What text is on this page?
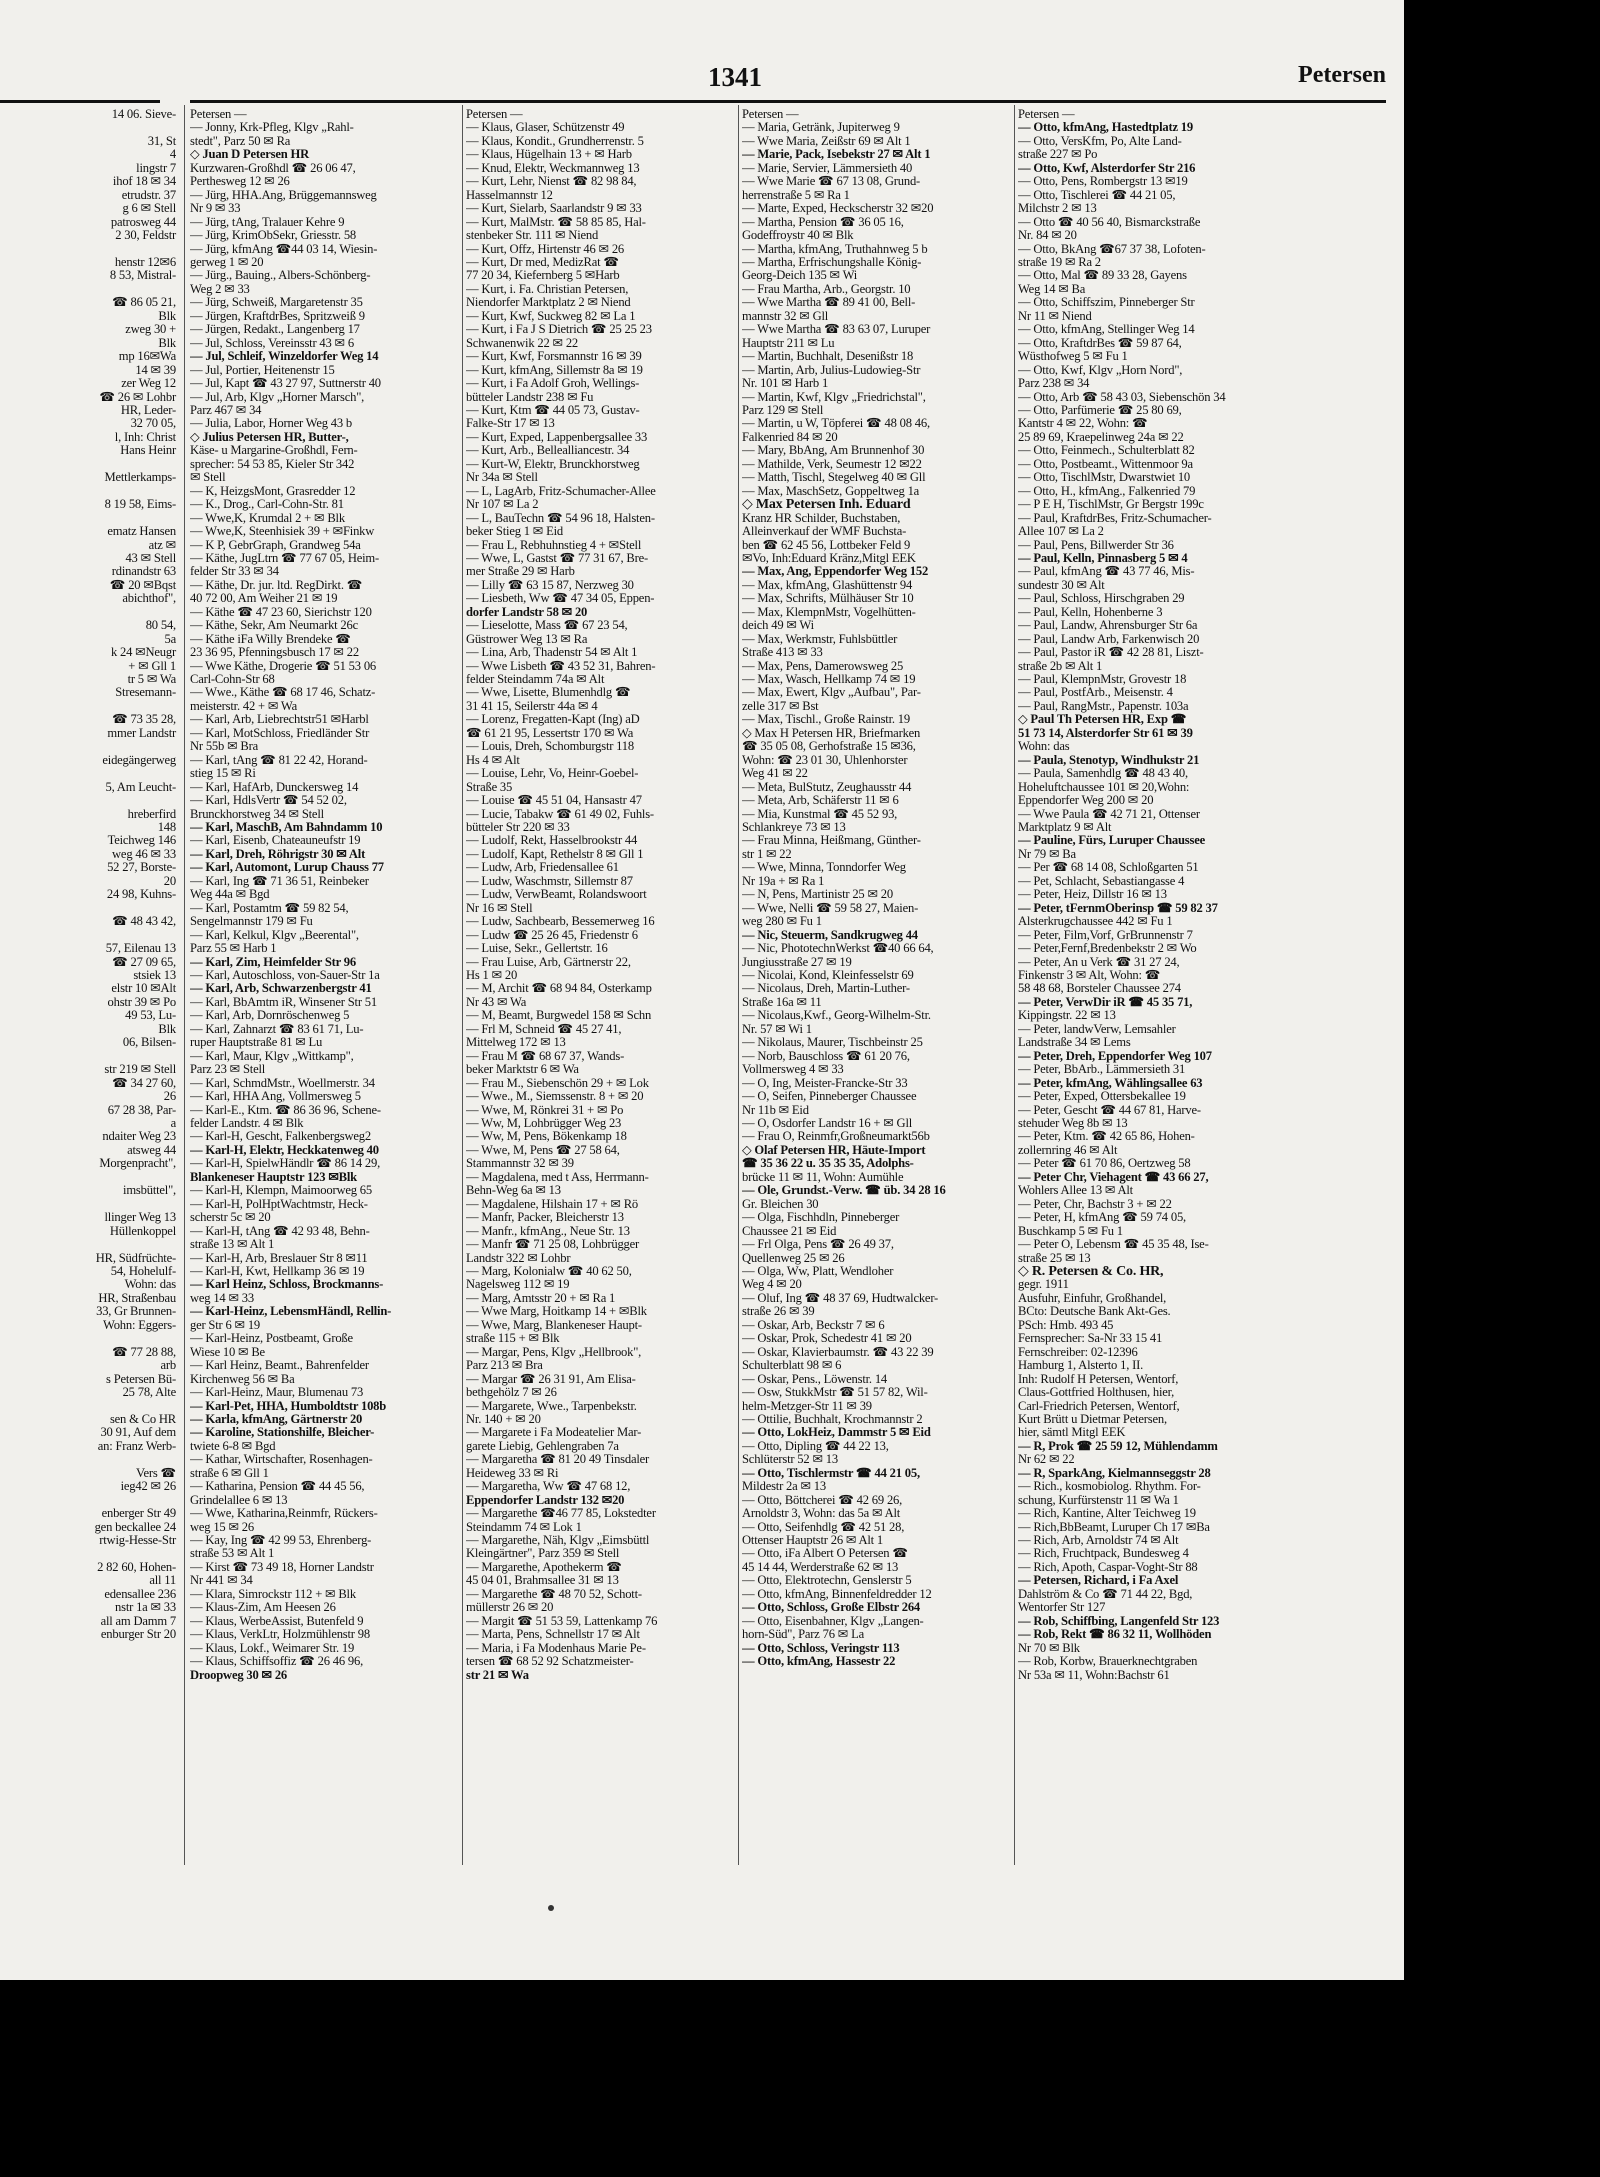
1341	Petersen
14 06. Sieve-

31, St
4
lingstr 7
ihof 18 ✉ 34
etrudstr. 37
g 6 ✉ Stell
patrosweg 44
2 30, Feldstr

henstr 12✉6
8 53, Mistral-

☎ 86 05 21,
Blk
zweg 30 +
Blk
mp 16✉Wa
14 ✉ 39
zer Weg 12
☎ 26 ✉ Lohbr
HR, Leder-
32 70 05,
l, Inh: Christ
Hans Heinr

Mettlerkamps-

8 19 58, Eims-

ematz Hansen
atz ✉
43 ✉ Stell
rdinandstr 63
☎ 20 ✉Bqst
abichthof",

80 54,
5a
k 24 ✉Neugr
+ ✉ Gll 1
tr 5 ✉ Wa
Stresemann-

☎ 73 35 28,
mmer Landstr

eidegängerweg

5, Am Leucht-

hreberfird
148
Teichweg 146
weg 46 ✉ 33
52 27, Borste-
20
24 98, Kuhns-

☎ 48 43 42,

57, Eilenau 13
☎ 27 09 65,
stsiek 13
elstr 10 ✉Alt
ohstr 39 ✉ Po
49 53, Lu-
Blk
06, Bilsen-

str 219 ✉ Stell
☎ 34 27 60,
26
67 28 38, Par-
a
ndaiter Weg 23
atsweg 44
Morgenpracht",

imsbüttel",

llinger Weg 13
Hüllenkoppel

HR, Südfrüchte-
54, Hohelulf-
Wohn: das
HR, Straßenbau
33, Gr Brunnen-
Wohn: Eggers-

☎ 77 28 88,
arb
s Petersen Bü-
25 78, Alte

sen & Co HR
30 91, Auf dem
an: Franz Werb-

Vers ☎
ieg42 ✉ 26

enberger Str 49
gen beckallee 24
rtwig-Hesse-Str

2 82 60, Hohen-
all 11
edensallee 236
nstr 1a ✉ 33
all am Damm 7
enburger Str 20
Petersen —
— Jonny, Krk-Pfleg, Klgv „Rahl-
stedt", Parz 50 ✉ Ra
◇ Juan D Petersen HR
Kurzwaren-Großhdl ☎ 26 06 47,
Perthesweg 12 ✉ 26
— Jürg, HHA.Ang, Brüggemannsweg
Nr 9 ✉ 33
— Jürg, tAng, Tralauer Kehre 9
— Jürg, KrimObSekr, Griesstr. 58
— Jürg, kfmAng ☎44 03 14, Wiesin-
gerweg 1 ✉ 20
— Jürg., Bauing., Albers-Schönberg-
Weg 2 ✉ 33
— Jürg, Schweiß, Margaretenstr 35
— Jürgen, KraftdrBes, Spritzweiß 9
— Jürgen, Redakt., Langenberg 17
— Jul, Schloss, Vereinsstr 43 ✉ 6
— Jul, Schleif, Winzeldorfer Weg 14
— Jul, Portier, Heitenenstr 15
— Jul, Kapt ☎ 43 27 97, Suttnerstr 40
— Jul, Arb, Klgv „Horner Marsch",
Parz 467 ✉ 34
— Julia, Labor, Horner Weg 43 b
◇ Julius Petersen HR, Butter-,
Käse- u Margarine-Großhdl, Fern-
sprecher: 54 53 85, Kieler Str 342
✉ Stell
— K, HeizgsMont, Grasredder 12
— K., Drog., Carl-Cohn-Str. 81
— Wwe,K, Krumdal 2 + ✉ Blk
— Wwe,K, Steenhisiek 39 + ✉Finkw
— K P, GebrGraph, Grandweg 54a
— Käthe, JugLtrn ☎ 77 67 05, Heim-
felder Str 33 ✉ 34
— Käthe, Dr. jur. ltd. RegDirkt. ☎
40 72 00, Am Weiher 21 ✉ 19
— Käthe ☎ 47 23 60, Sierichstr 120
— Käthe, Sekr, Am Neumarkt 26c
— Käthe iFa Willy Brendeke ☎
23 36 95, Pfenningsbusch 17 ✉ 22
— Wwe Käthe, Drogerie ☎ 51 53 06
Carl-Cohn-Str 68
— Wwe., Käthe ☎ 68 17 46, Schatz-
meisterstr. 42 + ✉ Wa
— Karl, Arb, Liebrechtstr51 ✉Harbl
— Karl, MotSchloss, Friedländer Str
Nr 55b ✉ Bra
— Karl, tAng ☎ 81 22 42, Horand-
stieg 15 ✉ Ri
— Karl, HafArb, Dunckersweg 14
— Karl, HdlsVertr ☎ 54 52 02,
Brunckhorstweg 34 ✉ Stell
— Karl, MaschB, Am Bahndamm 10
— Karl, Eisenb, Chateauneufstr 19
— Karl, Dreh, Röhrigstr 30 ✉ Alt
— Karl, Automont, Lurup Chauss 77
— Karl, Ing ☎ 71 36 51, Reinbeker
Weg 44a ✉ Bgd
— Karl, Postamtm ☎ 59 82 54,
Sengelmannstr 179 ✉ Fu
— Karl, Kelkul, Klgv „Beerental",
Parz 55 ✉ Harb 1
— Karl, Zim, Heimfelder Str 96
— Karl, Autoschloss, von-Sauer-Str 1a
— Karl, Arb, Schwarzenbergstr 41
— Karl, BbAmtm iR, Winsener Str 51
— Karl, Arb, Dornröschenweg 5
— Karl, Zahnarzt ☎ 83 61 71, Lu-
ruper Hauptstraße 81 ✉ Lu
— Karl, Maur, Klgv „Wittkamp",
Parz 23 ✉ Stell
— Karl, SchmdMstr., Woellmerstr. 34
— Karl, HHA Ang, Vollmersweg 5
— Karl-E., Ktm. ☎ 86 36 96, Schene-
felder Landstr. 4 ✉ Blk
— Karl-H, Gescht, Falkenbergsweg2
— Karl-H, Elektr, Heckkatenweg 40
— Karl-H, SpielwHändlr ☎ 86 14 29,
Blankeneser Hauptstr 123 ✉Blk
— Karl-H, Klempn, Maimoorweg 65
— Karl-H, PolHptWachtmstr, Heck-
scherstr 5c ✉ 20
— Karl-H, tAng ☎ 42 93 48, Behn-
straße 13 ✉ Alt 1
— Karl-H, Arb, Breslauer Str 8 ✉11
— Karl-H, Kwt, Hellkamp 36 ✉ 19
— Karl Heinz, Schloss, Brockmanns-
weg 14 ✉ 33
— Karl-Heinz, LebensmHändl, Rellin-
ger Str 6 ✉ 19
— Karl-Heinz, Postbeamt, Große
Wiese 10 ✉ Be
— Karl Heinz, Beamt., Bahrenfelder
Kirchenweg 56 ✉ Ba
— Karl-Heinz, Maur, Blumenau 73
— Karl-Pet, HHA, Humboldtstr 108b
— Karla, kfmAng, Gärtnerstr 20
— Karoline, Stationshilfe, Bleicher-
twiete 6-8 ✉ Bgd
— Kathar, Wirtschafter, Rosenhagen-
straße 6 ✉ Gll 1
— Katharina, Pension ☎ 44 45 56,
Grindelallee 6 ✉ 13
— Wwe, Katharina,Reinmfr, Rückers-
weg 15 ✉ 26
— Kay, Ing ☎ 42 99 53, Ehrenberg-
straße 53 ✉ Alt 1
— Kirst ☎ 73 49 18, Horner Landstr
Nr 441 ✉ 34
— Klara, Simrockstr 112 + ✉ Blk
— Klaus-Zim, Am Heesen 26
— Klaus, WerbeAssist, Butenfeld 9
— Klaus, VerkLtr, Holzmühlenstr 98
— Klaus, Lokf., Weimarer Str. 19
— Klaus, Schiffsoffiz ☎ 26 46 96,
Droopweg 30 ✉ 26
Petersen —
— Klaus, Glaser, Schützenstr 49
— Klaus, Kondit., Grundherrenstr. 5
— Klaus, Hügelhain 13 + ✉ Harb
— Knud, Elektr, Weckmannweg 13
— Kurt, Lehr, Nienst ☎ 82 98 84,
Hasselmannstr 12
— Kurt, Sielarb, Saarlandstr 9 ✉ 33
— Kurt, MalMstr. ☎ 58 85 85, Hal-
stenbeker Str. 111 ✉ Niend
— Kurt, Offz, Hirtenstr 46 ✉ 26
— Kurt, Dr med, MedizRat ☎
77 20 34, Kiefernberg 5 ✉Harb
— Kurt, i. Fa. Christian Petersen,
Niendorfer Marktplatz 2 ✉ Niend
— Kurt, Kwf, Suckweg 82 ✉ La 1
— Kurt, i Fa J S Dietrich ☎ 25 25 23
Schwanenwik 22 ✉ 22
— Kurt, Kwf, Forsmannstr 16 ✉ 39
— Kurt, kfmAng, Sillemstr 8a ✉ 19
— Kurt, i Fa Adolf Groh, Wellings-
bütteler Landstr 238 ✉ Fu
— Kurt, Ktm ☎ 44 05 73, Gustav-
Falke-Str 17 ✉ 13
— Kurt, Exped, Lappenbergsallee 33
— Kurt, Arb., Bellealliancestr. 34
— Kurt-W, Elektr, Brunckhorstweg
Nr 34a ✉ Stell
— L, LagArb, Fritz-Schumacher-Allee
Nr 107 ✉ La 2
— L, BauTechn ☎ 54 96 18, Halsten-
beker Stieg 1 ✉ Eid
— Frau L, Rebhuhnstieg 4 + ✉Stell
— Wwe, L, Gastst ☎ 77 31 67, Bre-
mer Straße 29 ✉ Harb
— Lilly ☎ 63 15 87, Nerzweg 30
— Liesbeth, Ww ☎ 47 34 05, Eppen-
dorfer Landstr 58 ✉ 20
— Lieselotte, Mass ☎ 67 23 54,
Güstrower Weg 13 ✉ Ra
— Lina, Arb, Thadenstr 54 ✉ Alt 1
— Wwe Lisbeth ☎ 43 52 31, Bahren-
felder Steindamm 74a ✉ Alt
— Wwe, Lisette, Blumenhdlg ☎
31 41 15, Seilerstr 44a ✉ 4
— Lorenz, Fregatten-Kapt (Ing) aD
☎ 61 21 95, Lessertstr 170 ✉ Wa
— Louis, Dreh, Schomburgstr 118
Hs 4 ✉ Alt
— Louise, Lehr, Vo, Heinr-Goebel-
Straße 35
— Louise ☎ 45 51 04, Hansastr 47
— Lucie, Tabakw ☎ 61 49 02, Fuhls-
bütteler Str 220 ✉ 33
— Ludolf, Rekt, Hasselbrookstr 44
— Ludolf, Kapt, Rethelstr 8 ✉ Gll 1
— Ludw, Arb, Friedensallee 61
— Ludw, Waschmstr, Sillemstr 87
— Ludw, VerwBeamt, Rolandswoort
Nr 16 ✉ Stell
— Ludw, Sachbearb, Bessemerweg 16
— Ludw ☎ 25 26 45, Friedenstr 6
— Luise, Sekr., Gellertstr. 16
— Frau Luise, Arb, Gärtnerstr 22,
Hs 1 ✉ 20
— M, Archit ☎ 68 94 84, Osterkamp
Nr 43 ✉ Wa
— M, Beamt, Burgwedel 158 ✉ Schn
— Frl M, Schneid ☎ 45 27 41,
Mittelweg 172 ✉ 13
— Frau M ☎ 68 67 37, Wands-
beker Marktstr 6 ✉ Wa
— Frau M., Siebenschön 29 + ✉ Lok
— Wwe., M., Siemssenstr. 8 + ✉ 20
— Wwe, M, Rönkrei 31 + ✉ Po
— Ww, M, Lohbrügger Weg 23
— Ww, M, Pens, Bökenkamp 18
— Wwe, M, Pens ☎ 27 58 64,
Stammannstr 32 ✉ 39
— Magdalena, med t Ass, Herrmann-
Behn-Weg 6a ✉ 13
— Magdalene, Hilshain 17 + ✉ Rö
— Manfr, Packer, Bleicherstr 13
— Manfr., kfmAng., Neue Str. 13
— Manfr ☎ 71 25 08, Lohbrügger
Landstr 322 ✉ Lohbr
— Marg, Kolonialw ☎ 40 62 50,
Nagelsweg 112 ✉ 19
— Marg, Amtsstr 20 + ✉ Ra 1
— Wwe Marg, Hoitkamp 14 + ✉Blk
— Wwe, Marg, Blankeneser Haupt-
straße 115 + ✉ Blk
— Margar, Pens, Klgv „Hellbrook",
Parz 213 ✉ Bra
— Margar ☎ 26 31 91, Am Elisa-
bethgehölz 7 ✉ 26
— Margarete, Wwe., Tarpenbekstr.
Nr. 140 + ✉ 20
— Margarete i Fa Modeatelier Mar-
garete Liebig, Gehlengraben 7a
— Margaretha ☎ 81 20 49 Tinsdaler
Heideweg 33 ✉ Ri
— Margaretha, Ww ☎ 47 68 12,
Eppendorfer Landstr 132 ✉20
— Margarethe ☎46 77 85, Lokstedter
Steindamm 74 ✉ Lok 1
— Margarethe, Näh, Klgv „Eimsbüttl
Kleingärtner", Parz 359 ✉ Stell
— Margarethe, Apothekerm ☎
45 04 01, Brahmsallee 31 ✉ 13
— Margarethe ☎ 48 70 52, Schott-
müllerstr 26 ✉ 20
— Margit ☎ 51 53 59, Lattenkamp 76
— Marta, Pens, Schnellstr 17 ✉ Alt
— Maria, i Fa Modenhaus Marie Pe-
tersen ☎ 68 52 92 Schatzmeister-
str 21 ✉ Wa
Petersen —
— Maria, Getränk, Jupiterweg 9
— Wwe Maria, Zeißstr 69 ✉ Alt 1
— Marie, Pack, Isebekstr 27 ✉ Alt 1
— Marie, Servier, Lämmersieth 40
— Wwe Marie ☎ 67 13 08, Grund-
herrenstraße 5 ✉ Ra 1
— Marte, Exped, Heckscherstr 32 ✉20
— Martha, Pension ☎ 36 05 16,
Godeffroystr 40 ✉ Blk
— Martha, kfmAng, Truthahnweg 5 b
— Martha, Erfrischungshalle König-
Georg-Deich 135 ✉ Wi
— Frau Martha, Arb., Georgstr. 10
— Wwe Martha ☎ 89 41 00, Bell-
mannstr 32 ✉ Gll
— Wwe Martha ☎ 83 63 07, Luruper
Hauptstr 211 ✉ Lu
— Martin, Buchhalt, Desenißstr 18
— Martin, Arb, Julius-Ludowieg-Str
Nr. 101 ✉ Harb 1
— Martin, Kwf, Klgv „Friedrichstal",
Parz 129 ✉ Stell
— Martin, u W, Töpferei ☎ 48 08 46,
Falkenried 84 ✉ 20
— Mary, BbAng, Am Brunnenhof 30
— Mathilde, Verk, Seumestr 12 ✉22
— Matth, Tischl, Stegelweg 40 ✉ Gll
— Max, MaschSetz, Goppeltweg 1a
◇ Max Petersen Inh. Eduard
Kranz HR Schilder, Buchstaben,
Alleinverkauf der WMF Buchsta-
ben ☎ 62 45 56, Lottbeker Feld 9
✉Vo, Inh:Eduard Kränz,Mitgl EEK
— Max, Ang, Eppendorfer Weg 152
— Max, kfmAng, Glashüttenstr 94
— Max, Schrifts, Mülhäuser Str 10
— Max, KlempnMstr, Vogelhütten-
deich 49 ✉ Wi
— Max, Werkmstr, Fuhlsbüttler
Straße 413 ✉ 33
— Max, Pens, Damerowsweg 25
— Max, Wasch, Hellkamp 74 ✉ 19
— Max, Ewert, Klgv „Aufbau", Par-
zelle 317 ✉ Bst
— Max, Tischl., Große Rainstr. 19
◇ Max H Petersen HR, Briefmarken
☎ 35 05 08, Gerhofstraße 15 ✉36,
Wohn: ☎ 23 01 30, Uhlenhorster
Weg 41 ✉ 22
— Meta, BulStutz, Zeughausstr 44
— Meta, Arb, Schäferstr 11 ✉ 6
— Mia, Kunstmal ☎ 45 52 93,
Schlankreye 73 ✉ 13
— Frau Minna, Heißmang, Günther-
str 1 ✉ 22
— Wwe, Minna, Tonndorfer Weg
Nr 19a + ✉ Ra 1
— N, Pens, Martinistr 25 ✉ 20
— Wwe, Nelli ☎ 59 58 27, Maien-
weg 280 ✉ Fu 1
— Nic, Steuerm, Sandkrugweg 44
— Nic, PhototechnWerkst ☎40 66 64,
Jungiusstraße 27 ✉ 19
— Nicolai, Kond, Kleinfesselstr 69
— Nicolaus, Dreh, Martin-Luther-
Straße 16a ✉ 11
— Nicolaus,Kwf., Georg-Wilhelm-Str.
Nr. 57 ✉ Wi 1
— Nikolaus, Maurer, Tischbeinstr 25
— Norb, Bauschloss ☎ 61 20 76,
Vollmersweg 4 ✉ 33
— O, Ing, Meister-Francke-Str 33
— O, Seifen, Pinneberger Chaussee
Nr 11b ✉ Eid
— O, Osdorfer Landstr 16 + ✉ Gll
— Frau O, Reinmfr,Großneumarkt56b
◇ Olaf Petersen HR, Häute-Import
☎ 35 36 22 u. 35 35 35, Adolphs-
brücke 11 ✉ 11, Wohn: Aumühle
— Ole, Grundst.-Verw. ☎ üb. 34 28 16
Gr. Bleichen 30
— Olga, Fischhdln, Pinneberger
Chaussee 21 ✉ Eid
— Frl Olga, Pens ☎ 26 49 37,
Quellenweg 25 ✉ 26
— Olga, Ww, Platt, Wendloher
Weg 4 ✉ 20
— Oluf, Ing ☎ 48 37 69, Hudtwalcker-
straße 26 ✉ 39
— Oskar, Arb, Beckstr 7 ✉ 6
— Oskar, Prok, Schedestr 41 ✉ 20
— Oskar, Klavierbaumstr. ☎ 43 22 39
Schulterblatt 98 ✉ 6
— Oskar, Pens., Löwenstr. 14
— Osw, StukkMstr ☎ 51 57 82, Wil-
helm-Metzger-Str 11 ✉ 39
— Ottilie, Buchhalt, Krochmannstr 2
— Otto, LokHeiz, Dammstr 5 ✉ Eid
— Otto, Dipling ☎ 44 22 13,
Schlüterstr 52 ✉ 13
— Otto, Tischlermstr ☎ 44 21 05,
Mildestr 2a ✉ 13
— Otto, Böttcherei ☎ 42 69 26,
Arnoldstr 3, Wohn: das 5a ✉ Alt
— Otto, Seifenhdlg ☎ 42 51 28,
Ottenser Hauptstr 26 ✉ Alt 1
— Otto, iFa Albert O Petersen ☎
45 14 44, Werderstraße 62 ✉ 13
— Otto, Elektrotechn, Genslerstr 5
— Otto, kfmAng, Binnenfeldredder 12
— Otto, Schloss, Große Elbstr 264
— Otto, Eisenbahner, Klgv „Langen-
horn-Süd", Parz 76 ✉ La
— Otto, Schloss, Veringstr 113
— Otto, kfmAng, Hassestr 22
Petersen —
— Otto, kfmAng, Hastedtplatz 19
— Otto, VersKfm, Po, Alte Land-
straße 227 ✉ Po
— Otto, Kwf, Alsterdorfer Str 216
— Otto, Pens, Rombergstr 13 ✉19
— Otto, Tischlerei ☎ 44 21 05,
Milchstr 2 ✉ 13
— Otto ☎ 40 56 40, Bismarckstraße
Nr. 84 ✉ 20
— Otto, BkAng ☎67 37 38, Lofoten-
straße 19 ✉ Ra 2
— Otto, Mal ☎ 89 33 28, Gayens
Weg 14 ✉ Ba
— Otto, Schiffszim, Pinneberger Str
Nr 11 ✉ Niend
— Otto, kfmAng, Stellinger Weg 14
— Otto, KraftdrBes ☎ 59 87 64,
Wüsthofweg 5 ✉ Fu 1
— Otto, Kwf, Klgv „Horn Nord",
Parz 238 ✉ 34
— Otto, Arb ☎ 58 43 03, Siebenschön 34
— Otto, Parfümerie ☎ 25 80 69,
Kantstr 4 ✉ 22, Wohn: ☎
25 89 69, Kraepelinweg 24a ✉ 22
— Otto, Feinmech., Schulterblatt 82
— Otto, Postbeamt., Wittenmoor 9a
— Otto, TischlMstr, Dwarstwiet 10
— Otto, H., kfmAng., Falkenried 79
— P E H, TischlMstr, Gr Bergstr 199c
— Paul, KraftdrBes, Fritz-Schumacher-
Allee 107 ✉ La 2
— Paul, Pens, Billwerder Str 36
— Paul, Kelln, Pinnasberg 5 ✉ 4
— Paul, kfmAng ☎ 43 77 46, Mis-
sundestr 30 ✉ Alt
— Paul, Schloss, Hirschgraben 29
— Paul, Kelln, Hohenberne 3
— Paul, Landw, Ahrensburger Str 6a
— Paul, Landw Arb, Farkenwisch 20
— Paul, Pastor iR ☎ 42 28 81, Liszt-
straße 2b ✉ Alt 1
— Paul, KlempnMstr, Grovestr 18
— Paul, PostfArb., Meisenstr. 4
— Paul, RangMstr., Papenstr. 103a
◇ Paul Th Petersen HR, Exp ☎
51 73 14, Alsterdorfer Str 61 ✉ 39
Wohn: das
— Paula, Stenotyp, Windhukstr 21
— Paula, Samenhdlg ☎ 48 43 40,
Hoheluftchaussee 101 ✉ 20,Wohn:
Eppendorfer Weg 200 ✉ 20
— Wwe Paula ☎ 42 71 21, Ottenser
Marktplatz 9 ✉ Alt
— Pauline, Fürs, Luruper Chaussee
Nr 79 ✉ Ba
— Per ☎ 68 14 08, Schloßgarten 51
— Pet, Schlacht, Sebastiangasse 4
— Peter, Heiz, Dillstr 16 ✉ 13
— Peter, tFernmOberinsp ☎ 59 82 37
Alsterkrugchaussee 442 ✉ Fu 1
— Peter, Film,Vorf, GrBrunnenstr 7
— Peter,Fernf,Bredenbekstr 2 ✉ Wo
— Peter, An u Verk ☎ 31 27 24,
Finkenstr 3 ✉ Alt, Wohn: ☎
58 48 68, Borsteler Chaussee 274
— Peter, VerwDir iR ☎ 45 35 71,
Kippingstr. 22 ✉ 13
— Peter, landwVerw, Lemsahler
Landstraße 34 ✉ Lems
— Peter, Dreh, Eppendorfer Weg 107
— Peter, BbArb., Lämmersieth 31
— Peter, kfmAng, Wählingsallee 63
— Peter, Exped, Ottersbekallee 19
— Peter, Gescht ☎ 44 67 81, Harve-
stehuder Weg 8b ✉ 13
— Peter, Ktm. ☎ 42 65 86, Hohen-
zollernring 46 ✉ Alt
— Peter ☎ 61 70 86, Oertzweg 58
— Peter Chr, Viehagent ☎ 43 66 27,
Wohlers Allee 13 ✉ Alt
— Peter, Chr, Bachstr 3 + ✉ 22
— Peter, H, kfmAng ☎ 59 74 05,
Buschkamp 5 ✉ Fu 1
— Peter O, Lebensm ☎ 45 35 48, Ise-
straße 25 ✉ 13
◇ R. Petersen & Co. HR,
gegr. 1911
Ausfuhr, Einfuhr, Großhandel,
BCto: Deutsche Bank Akt-Ges.
PSch: Hmb. 493 45
Fernsprecher: Sa-Nr 33 15 41
Fernschreiber: 02-12396
Hamburg 1, Alsterto 1, II.
Inh: Rudolf H Petersen, Wentorf,
Claus-Gottfried Holthusen, hier,
Carl-Friedrich Petersen, Wentorf,
Kurt Brütt u Dietmar Petersen,
hier, sämtl Mitgl EEK
— R, Prok ☎ 25 59 12, Mühlendamm
Nr 62 ✉ 22
— R, SparkAng, Kielmannseggstr 28
— Rich., kosmobiolog. Rhythm. For-
schung, Kurfürstenstr 11 ✉ Wa 1
— Rich, Kantine, Alter Teichweg 19
— Rich,BbBeamt, Luruper Ch 17 ✉Ba
— Rich, Arb, Arnoldstr 74 ✉ Alt
— Rich, Fruchtpack, Bundesweg 4
— Rich, Apoth, Caspar-Voght-Str 88
— Petersen, Richard, i Fa Axel
Dahlström & Co ☎ 71 44 22, Bgd,
Wentorfer Str 127
— Rob, Schiffbing, Langenfeld Str 123
— Rob, Rekt ☎ 86 32 11, Wollhöden
Nr 70 ✉ Blk
— Rob, Korbw, Brauerknechtgraben
Nr 53a ✉ 11, Wohn:Bachstr 61
